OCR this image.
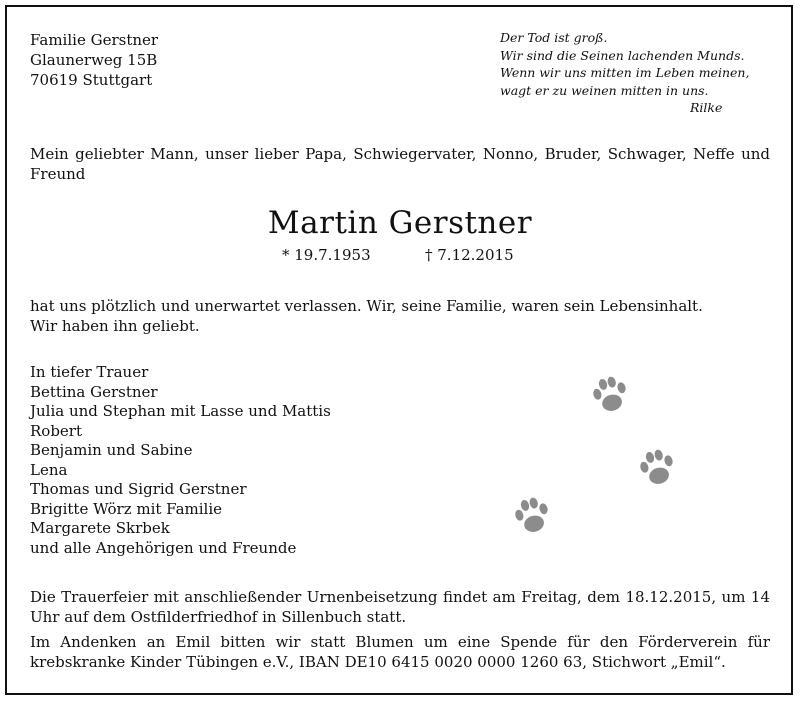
Familie Gerstner
Glaunerweg 15B
70619 Stuttgart
Der Tod ist groß.
Wir sind die Seinen lachenden Munds.
Wenn wir uns mitten im Leben meinen,
wagt er zu weinen mitten in uns.
Rilke
Mein geliebter Mann, unser lieber Papa, Schwiegervater, Nonno, Bruder, Schwager, Neffe und Freund
Martin Gerstner
* 19.7.1953	† 7.12.2015
hat uns plötzlich und unerwartet verlassen. Wir, seine Familie, waren sein Lebensinhalt.
Wir haben ihn geliebt.
In tiefer Trauer
Bettina Gerstner
Julia und Stephan mit Lasse und Mattis
Robert
Benjamin und Sabine
Lena
Thomas und Sigrid Gerstner
Brigitte Wörz mit Familie
Margarete Skrbek
und alle Angehörigen und Freunde
Die Trauerfeier mit anschließender Urnenbeisetzung findet am Freitag, dem 18.12.2015, um 14 Uhr auf dem Ostfilderfriedhof in Sillenbuch statt.
Im Andenken an Emil bitten wir statt Blumen um eine Spende für den Förderverein für krebskranke Kinder Tübingen e.V., IBAN DE10 6415 0020 0000 1260 63, Stichwort „Emil“.
